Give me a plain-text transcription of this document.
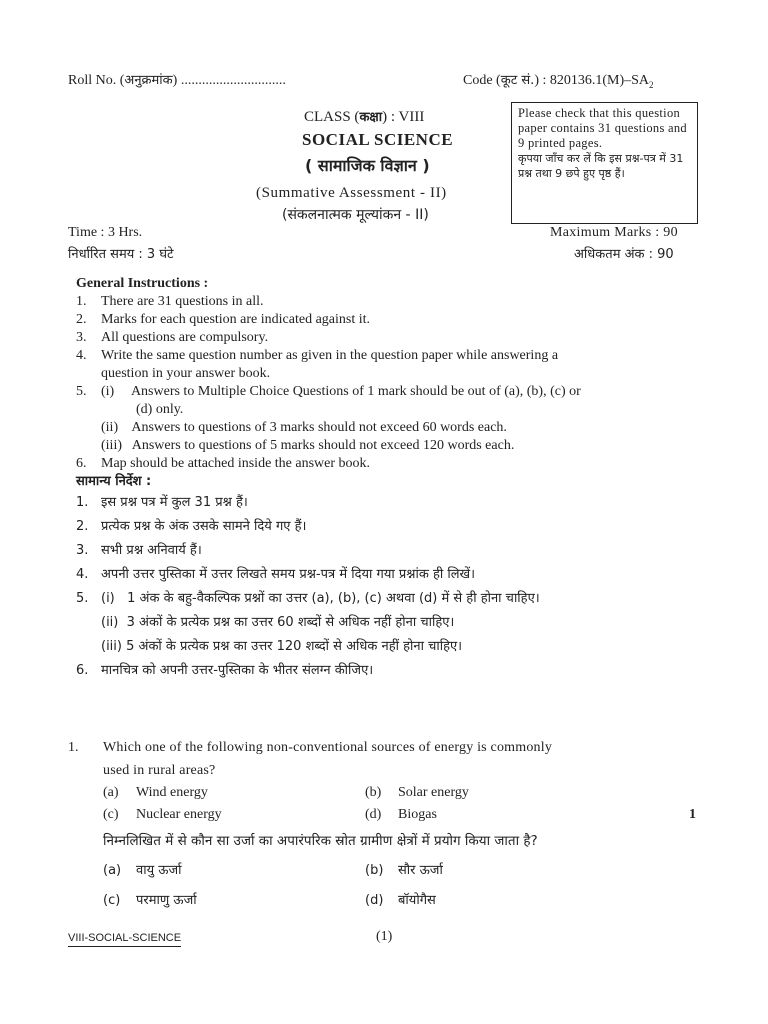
Roll No. (अनुक्रमांक) ..............................	Code (कूट सं.) : $820136.1(M)-SA_2$
CLASS (कक्षा) : VIII
SOCIAL SCIENCE
( सामाजिक विज्ञान )
(Summative Assessment - II)
(संकलनात्मक मूल्यांकन - II)
Please check that this question paper contains 31 questions and 9 printed pages.
कृपया जाँच कर लें कि इस प्रश्न-पत्र में 31 प्रश्न तथा 9 छपे हुए पृष्ठ हैं।
Time : 3 Hrs.
निर्धारित समय : 3 घंटे
Maximum Marks : 90
अधिकतम अंक : 90
General Instructions :
1. There are 31 questions in all.
2. Marks for each question are indicated against it.
3. All questions are compulsory.
4. Write the same question number as given in the question paper while answering a
question in your answer book.
5. (i)     Answers to Multiple Choice Questions of 1 mark should be out of (a), (b), (c) or
(d) only.
(ii)    Answers to questions of 3 marks should not exceed 60 words each.
(iii)   Answers to questions of 5 marks should not exceed 120 words each.
6. Map should be attached inside the answer book.
सामान्य निर्देश :
1. इस प्रश्न पत्र में कुल 31 प्रश्न हैं।
2. प्रत्येक प्रश्न के अंक उसके सामने दिये गए हैं।
3. सभी प्रश्न अनिवार्य हैं।
4. अपनी उत्तर पुस्तिका में उत्तर लिखते समय प्रश्न-पत्र में दिया गया प्रश्नांक ही लिखें।
5. (i)   1 अंक के बहु-वैकल्पिक प्रश्नों का उत्तर (a), (b), (c) अथवा (d) में से ही होना चाहिए।
(ii)  3 अंकों के प्रत्येक प्रश्न का उत्तर 60 शब्दों से अधिक नहीं होना चाहिए।
(iii) 5 अंकों के प्रत्येक प्रश्न का उत्तर 120 शब्दों से अधिक नहीं होना चाहिए।
6. मानचित्र को अपनी उत्तर-पुस्तिका के भीतर संलग्न कीजिए।
1. Which one of the following non-conventional sources of energy is commonly
used in rural areas?
(a) Wind energy	(b) Solar energy
(c) Nuclear energy	(d) Biogas	1
निम्नलिखित में से कौन सा उर्जा का अपारंपरिक स्रोत ग्रामीण क्षेत्रों में प्रयोग किया जाता है?
(a) वायु ऊर्जा	(b) सौर ऊर्जा
(c) परमाणु ऊर्जा	(d) बॉयोगैस
VIII-SOCIAL-SCIENCE	(1)
